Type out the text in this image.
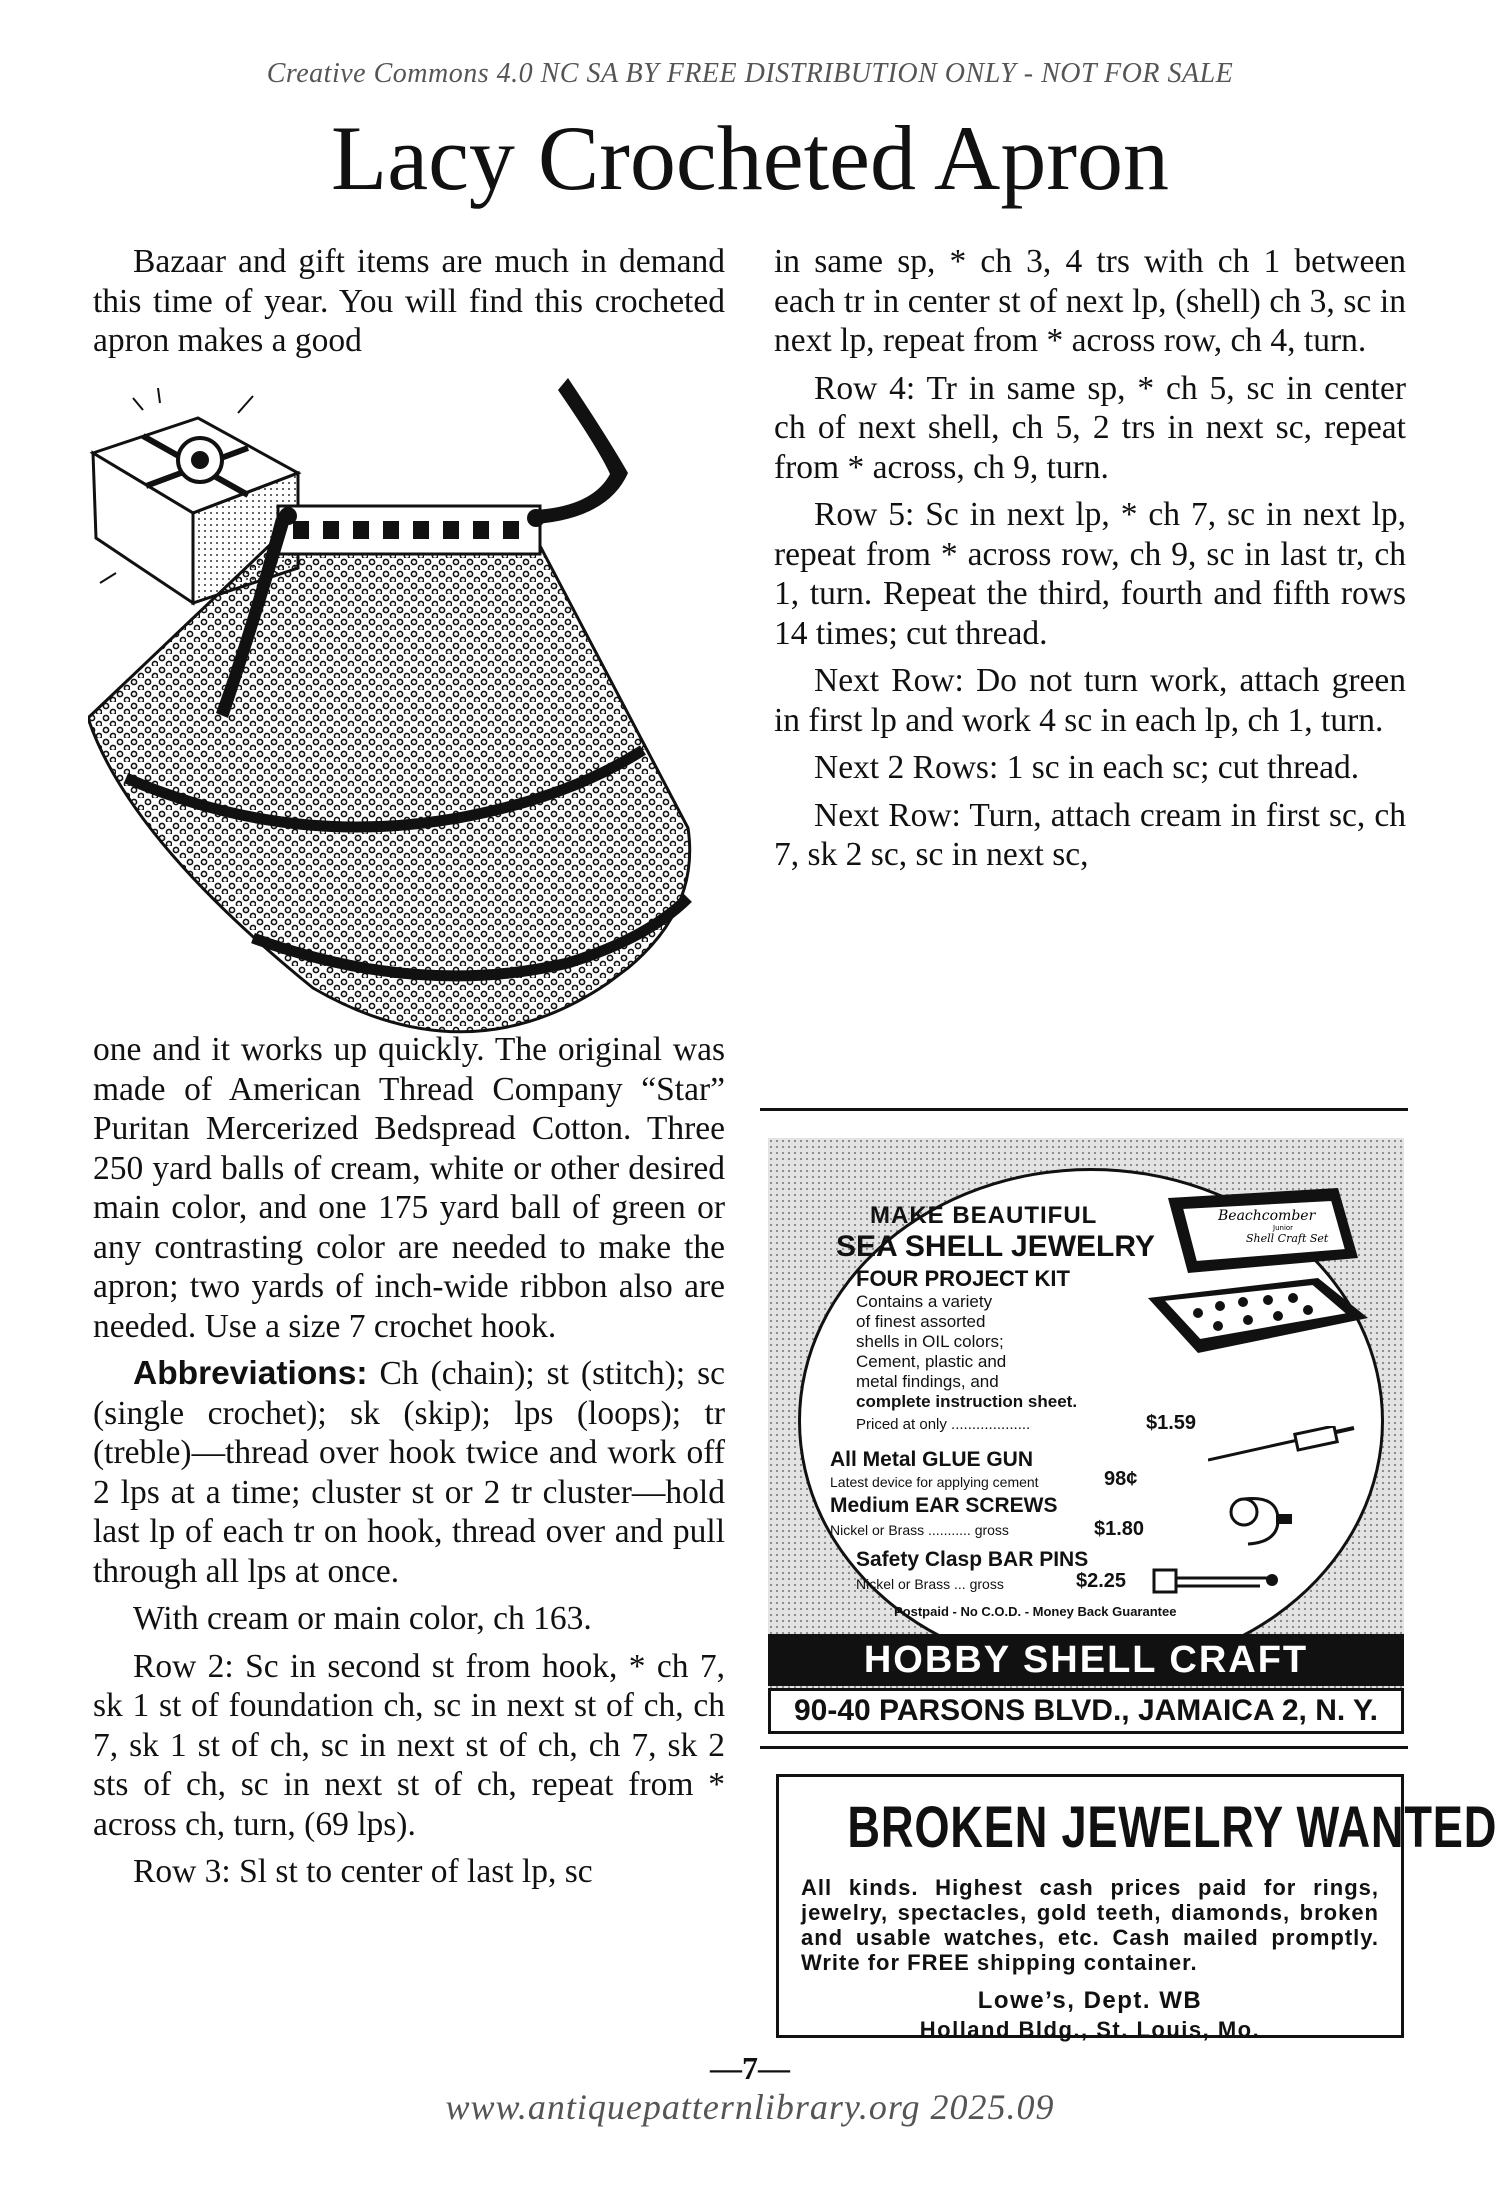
Creative Commons 4.0 NC SA BY FREE DISTRIBUTION ONLY - NOT FOR SALE
Lacy Crocheted Apron

Bazaar and gift items are much in demand this time of year. You will find this crocheted apron makes a good

one and it works up quickly. The original was made of American Thread Company “Star” Puritan Mercerized Bedspread Cotton. Three 250 yard balls of cream, white or other desired main color, and one 175 yard ball of green or any contrasting color are needed to make the apron; two yards of inch-wide ribbon also are needed. Use a size 7 crochet hook.

Abbreviations: Ch (chain); st (stitch); sc (single crochet); sk (skip); lps (loops); tr (treble)—thread over hook twice and work off 2 lps at a time; cluster st or 2 tr cluster—hold last lp of each tr on hook, thread over and pull through all lps at once.

With cream or main color, ch 163.

Row 2: Sc in second st from hook, * ch 7, sk 1 st of foundation ch, sc in next st of ch, ch 7, sk 1 st of ch, sc in next st of ch, ch 7, sk 2 sts of ch, sc in next st of ch, repeat from * across ch, turn, (69 lps).

Row 3: Sl st to center of last lp, sc

in same sp, * ch 3, 4 trs with ch 1 between each tr in center st of next lp, (shell) ch 3, sc in next lp, repeat from * across row, ch 4, turn.

Row 4: Tr in same sp, * ch 5, sc in center ch of next shell, ch 5, 2 trs in next sc, repeat from * across, ch 9, turn.

Row 5: Sc in next lp, * ch 7, sc in next lp, repeat from * across row, ch 9, sc in last tr, ch 1, turn. Repeat the third, fourth and fifth rows 14 times; cut thread.

Next Row: Do not turn work, attach green in first lp and work 4 sc in each lp, ch 1, turn.

Next 2 Rows: 1 sc in each sc; cut thread.

Next Row: Turn, attach cream in first sc, ch 7, sk 2 sc, sc in next sc,

MAKE BEAUTIFUL
SEA SHELL JEWELRY
FOUR PROJECT KIT
Contains a variety
of finest assorted
shells in OIL colors;
Cement, plastic and
metal findings, and
complete instruction sheet.
Priced at only ...................	$1.59
All Metal GLUE GUN
Latest device for applying cement	98¢
Medium EAR SCREWS
Nickel or Brass ........... gross	$1.80
Safety Clasp BAR PINS
Nickel or Brass ... gross	$2.25
Postpaid - No C.O.D. - Money Back Guarantee
Beachcomber
Junior
Shell Craft Set
HOBBY SHELL CRAFT
90-40 PARSONS BLVD., JAMAICA 2, N. Y.
BROKEN JEWELRY WANTED
All kinds. Highest cash prices paid for rings, jewelry, spectacles, gold teeth, diamonds, broken and usable watches, etc. Cash mailed promptly. Write for FREE shipping container.
Lowe’s, Dept. WB
Holland Bldg., St. Louis, Mo.
—7—
www.antiquepatternlibrary.org 2025.09
